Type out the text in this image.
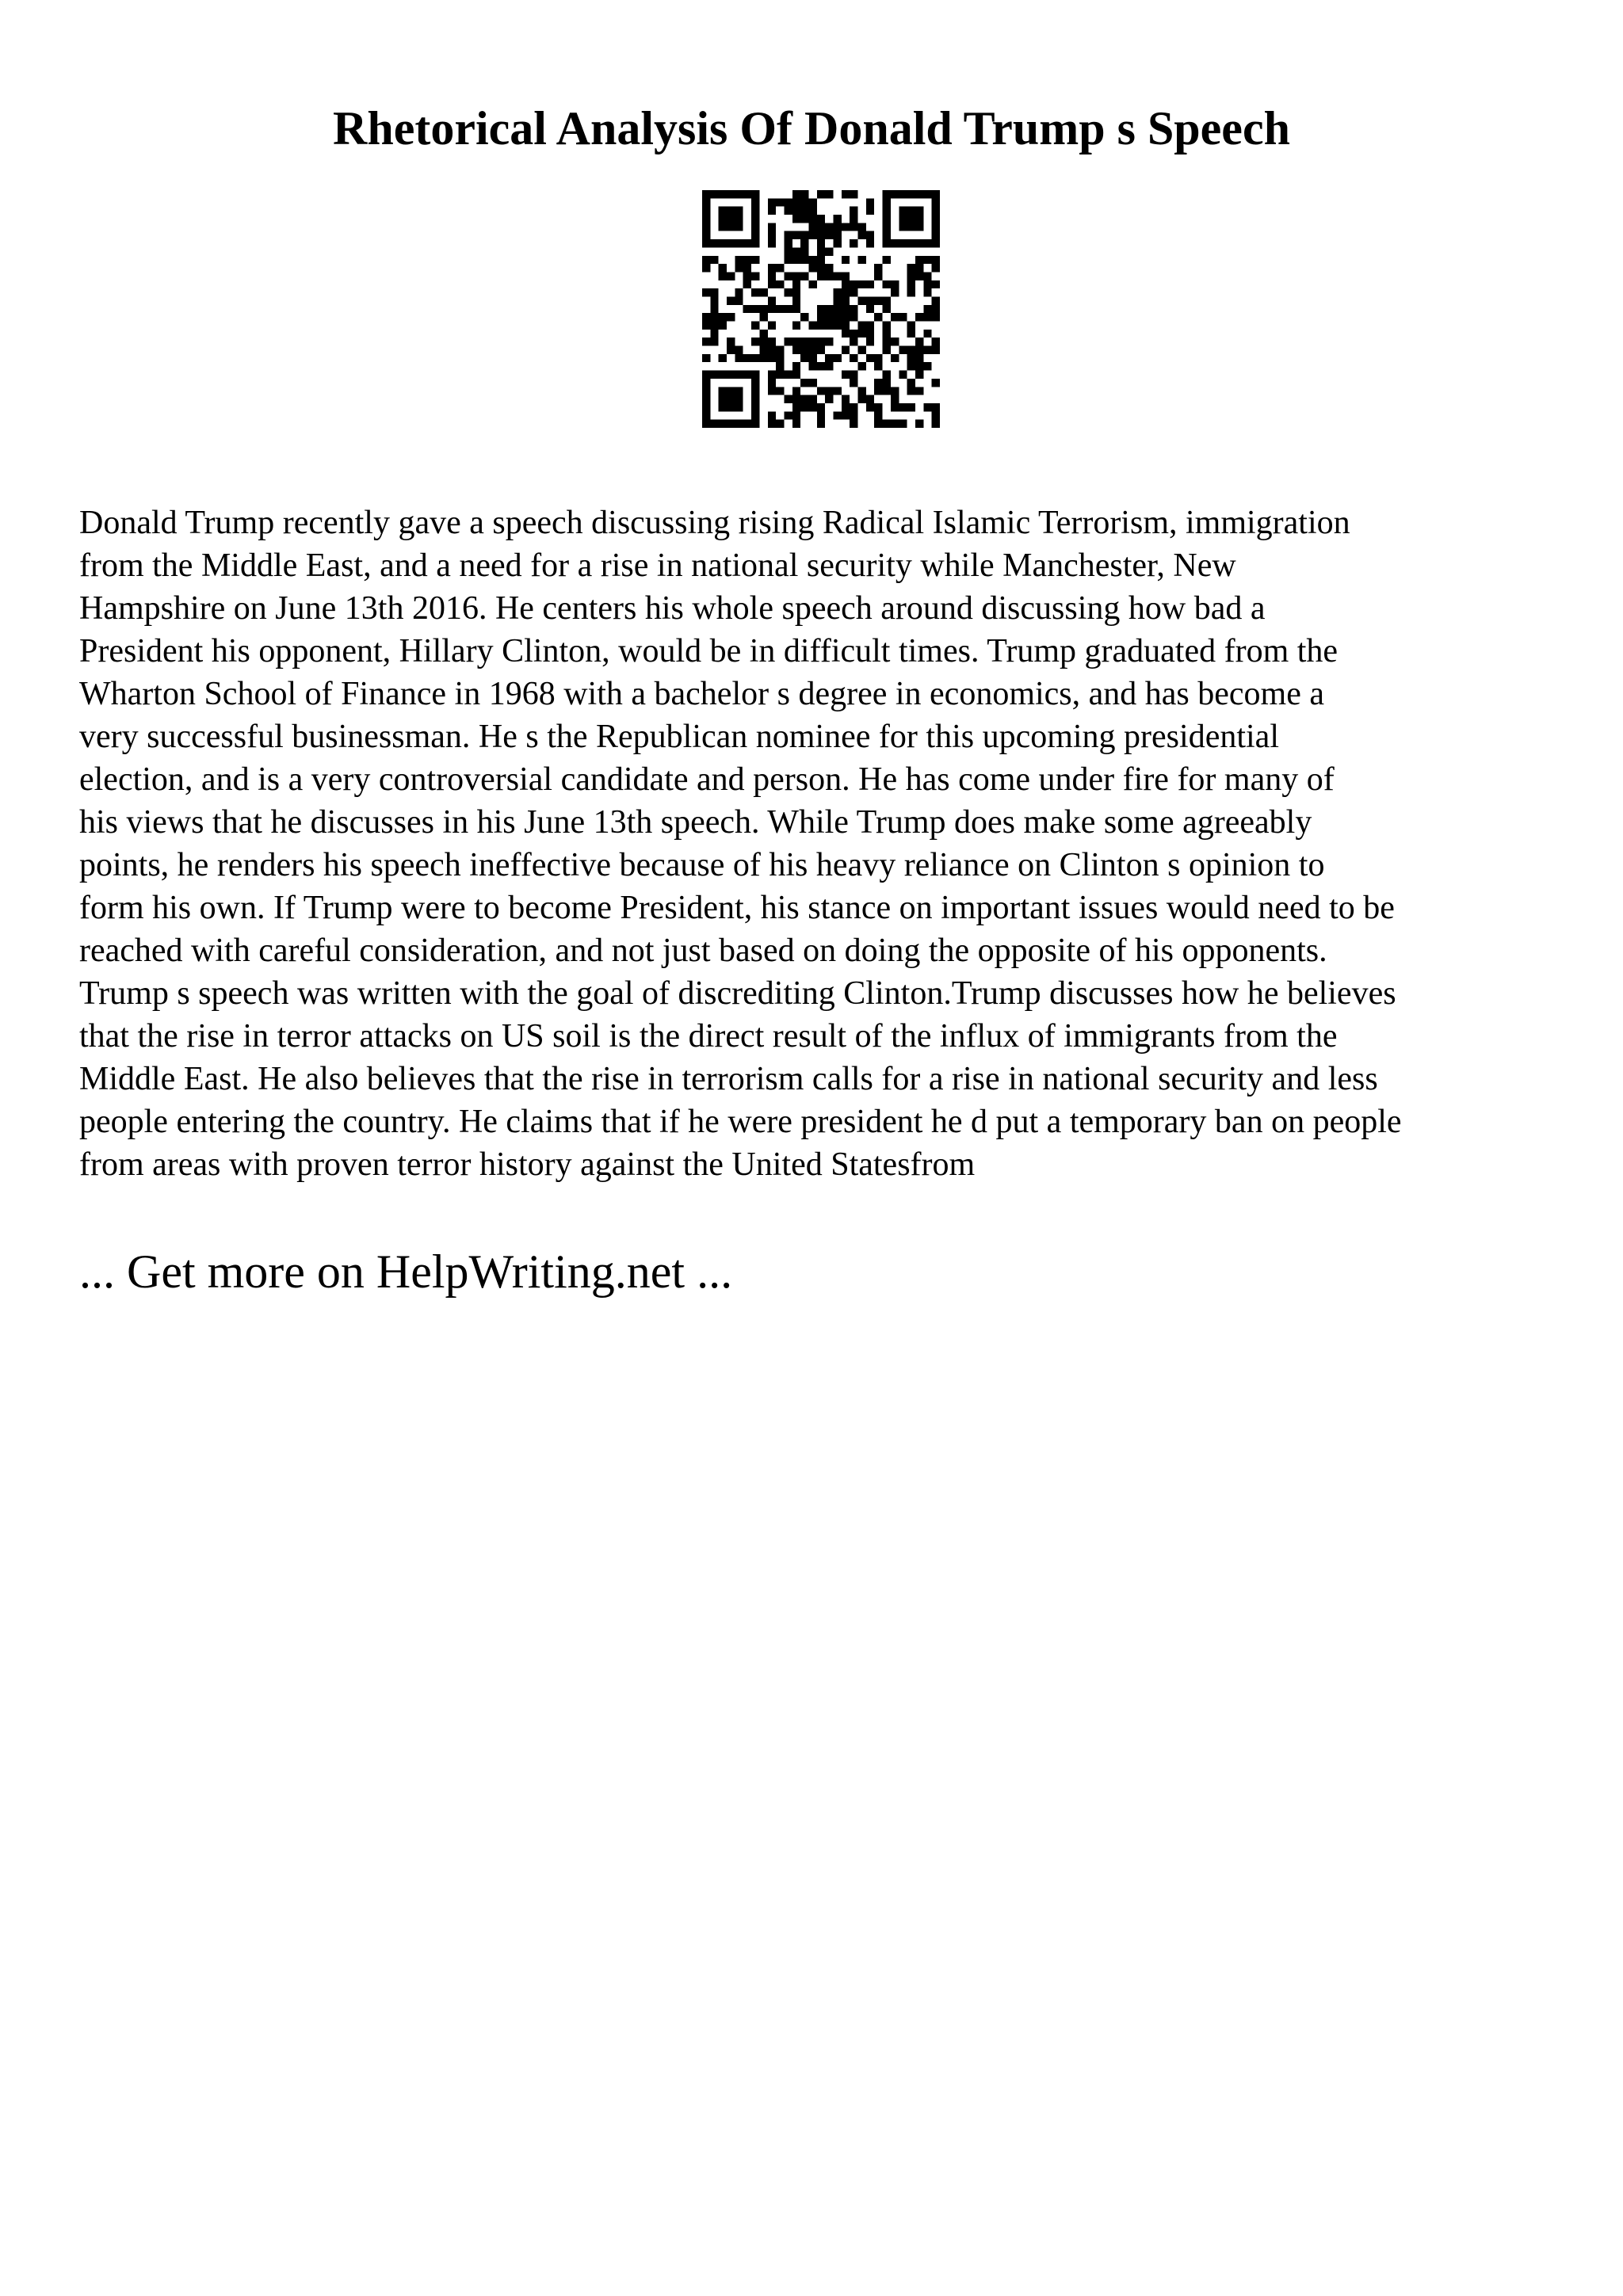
Rhetorical Analysis Of Donald Trump s Speech
Donald Trump recently gave a speech discussing rising Radical Islamic Terrorism, immigration
from the Middle East, and a need for a rise in national security while Manchester, New
Hampshire on June 13th 2016. He centers his whole speech around discussing how bad a
President his opponent, Hillary Clinton, would be in difficult times. Trump graduated from the
Wharton School of Finance in 1968 with a bachelor s degree in economics, and has become a
very successful businessman. He s the Republican nominee for this upcoming presidential
election, and is a very controversial candidate and person. He has come under fire for many of
his views that he discusses in his June 13th speech. While Trump does make some agreeably
points, he renders his speech ineffective because of his heavy reliance on Clinton s opinion to
form his own. If Trump were to become President, his stance on important issues would need to be
reached with careful consideration, and not just based on doing the opposite of his opponents.
Trump s speech was written with the goal of discrediting Clinton.Trump discusses how he believes
that the rise in terror attacks on US soil is the direct result of the influx of immigrants from the
Middle East. He also believes that the rise in terrorism calls for a rise in national security and less
people entering the country. He claims that if he were president he d put a temporary ban on people
from areas with proven terror history against the United Statesfrom

... Get more on HelpWriting.net ...
